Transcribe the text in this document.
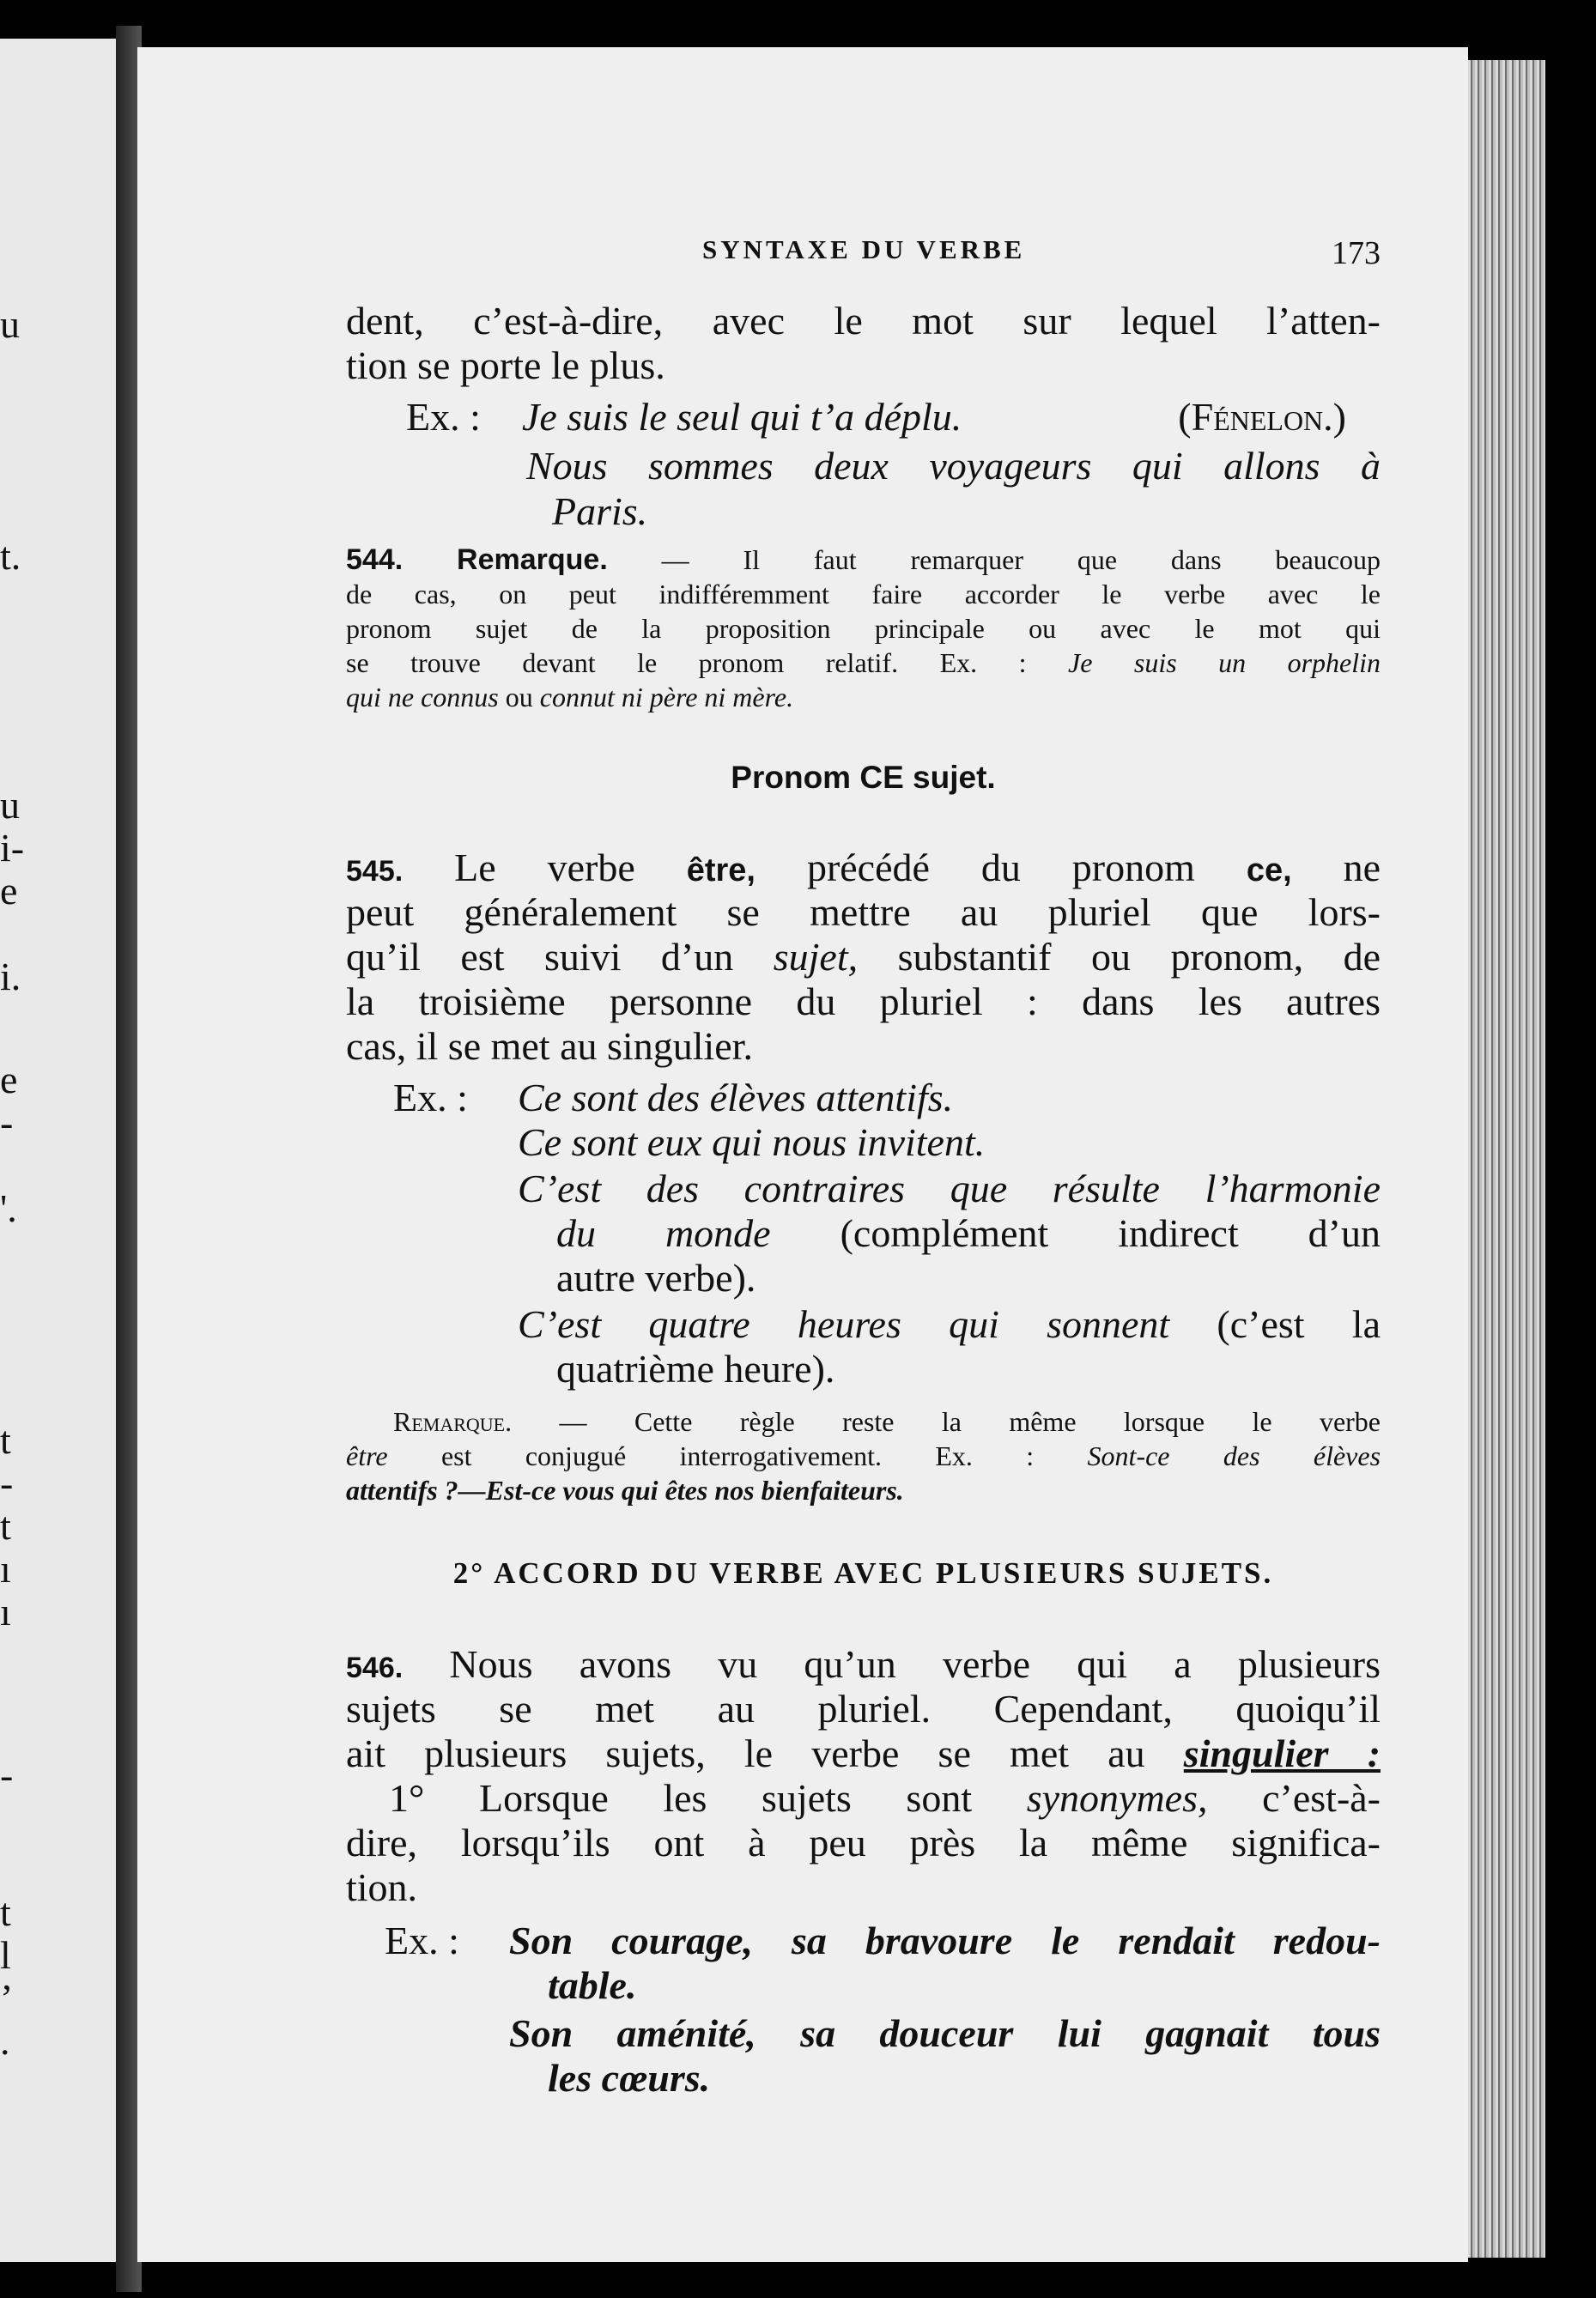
u
t.
u
i-
e
i.
e
-
'.
t
-
t
ı
ı
-
t
l
’
.
SYNTAXE DU VERBE	173
dent, c’est-à-dire, avec le mot sur lequel l’atten-
tion se porte le plus.
Ex. : Je suis le seul qui t’a déplu.	(Fénelon.)
Nous sommes deux voyageurs qui allons à
Paris.
544. Remarque. — Il faut remarquer que dans beaucoup
de cas, on peut indifféremment faire accorder le verbe avec le
pronom sujet de la proposition principale ou avec le mot qui
se trouve devant le pronom relatif. Ex. : Je suis un orphelin
qui ne connus ou connut ni père ni mère.
Pronom CE sujet.
545. Le verbe être, précédé du pronom ce, ne
peut généralement se mettre au pluriel que lors-
qu’il est suivi d’un sujet, substantif ou pronom, de
la troisième personne du pluriel : dans les autres
cas, il se met au singulier.
Ex. : Ce sont des élèves attentifs.
Ce sont eux qui nous invitent.
C’est des contraires que résulte l’harmonie
du monde (complément indirect d’un
autre verbe).
C’est quatre heures qui sonnent (c’est la
quatrième heure).
Remarque. — Cette règle reste la même lorsque le verbe
être est conjugué interrogativement. Ex. : Sont-ce des élèves
attentifs ?—Est-ce vous qui êtes nos bienfaiteurs.
2° ACCORD DU VERBE AVEC PLUSIEURS SUJETS.
546. Nous avons vu qu’un verbe qui a plusieurs
sujets se met au pluriel. Cependant, quoiqu’il
ait plusieurs sujets, le verbe se met au singulier :
1° Lorsque les sujets sont synonymes, c’est-à-
dire, lorsqu’ils ont à peu près la même significa-
tion.
Ex. : Son courage, sa bravoure le rendait redou-
table.
Son aménité, sa douceur lui gagnait tous
les cœurs.
